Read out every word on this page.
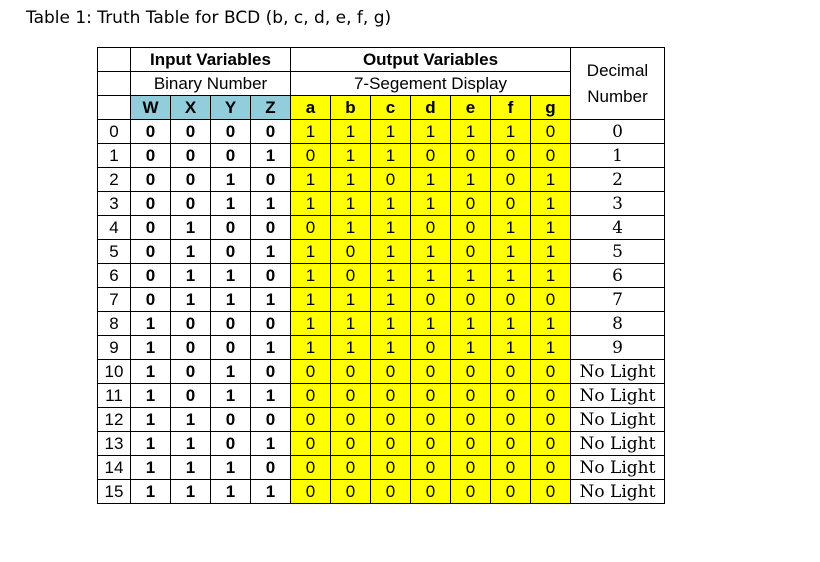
Table 1: Truth Table for BCD (b, c, d, e, f, g)
	Input Variables				Output Variables							Decimal
Number

	Binary Number				7-Segement Display							
	W	X	Y	Z	a	b	c	d	e	f	g	
0	0	0	0	0	1	1	1	1	1	1	0	0
1	0	0	0	1	0	1	1	0	0	0	0	1
2	0	0	1	0	1	1	0	1	1	0	1	2
3	0	0	1	1	1	1	1	1	0	0	1	3
4	0	1	0	0	0	1	1	0	0	1	1	4
5	0	1	0	1	1	0	1	1	0	1	1	5
6	0	1	1	0	1	0	1	1	1	1	1	6
7	0	1	1	1	1	1	1	0	0	0	0	7
8	1	0	0	0	1	1	1	1	1	1	1	8
9	1	0	0	1	1	1	1	0	1	1	1	9
10	1	0	1	0	0	0	0	0	0	0	0	No Light
11	1	0	1	1	0	0	0	0	0	0	0	No Light
12	1	1	0	0	0	0	0	0	0	0	0	No Light
13	1	1	0	1	0	0	0	0	0	0	0	No Light
14	1	1	1	0	0	0	0	0	0	0	0	No Light
15	1	1	1	1	0	0	0	0	0	0	0	No Light
